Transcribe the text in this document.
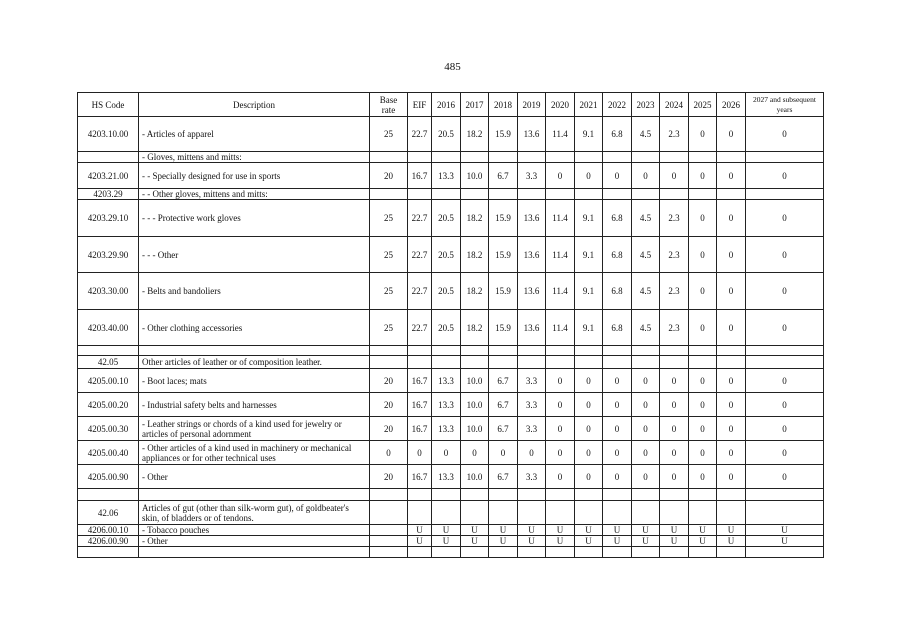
485
HS Code	Description	Base rate	EIF	2016	2017	2018	2019	2020	2021	2022	2023	2024	2025	2026	2027 and subsequent years
4203.10.00	- Articles of apparel	25	22.7	20.5	18.2	15.9	13.6	11.4	9.1	6.8	4.5	2.3	0	0	0
	- Gloves, mittens and mitts:														
4203.21.00	- - Specially designed for use in sports	20	16.7	13.3	10.0	6.7	3.3	0	0	0	0	0	0	0	0
4203.29	- - Other gloves, mittens and mitts:														
4203.29.10	- - - Protective work gloves	25	22.7	20.5	18.2	15.9	13.6	11.4	9.1	6.8	4.5	2.3	0	0	0
4203.29.90	- - - Other	25	22.7	20.5	18.2	15.9	13.6	11.4	9.1	6.8	4.5	2.3	0	0	0
4203.30.00	- Belts and bandoliers	25	22.7	20.5	18.2	15.9	13.6	11.4	9.1	6.8	4.5	2.3	0	0	0
4203.40.00	- Other clothing accessories	25	22.7	20.5	18.2	15.9	13.6	11.4	9.1	6.8	4.5	2.3	0	0	0

42.05	Other articles of leather or of composition leather.														
4205.00.10	- Boot laces; mats	20	16.7	13.3	10.0	6.7	3.3	0	0	0	0	0	0	0	0
4205.00.20	- Industrial safety belts and harnesses	20	16.7	13.3	10.0	6.7	3.3	0	0	0	0	0	0	0	0
4205.00.30	- Leather strings or chords of a kind used for jewelry or articles of personal adornment	20	16.7	13.3	10.0	6.7	3.3	0	0	0	0	0	0	0	0
4205.00.40	- Other articles of a kind used in machinery or mechanical appliances or for other technical uses	0	0	0	0	0	0	0	0	0	0	0	0	0	0
4205.00.90	- Other	20	16.7	13.3	10.0	6.7	3.3	0	0	0	0	0	0	0	0

42.06	Articles of gut (other than silk-worm gut), of goldbeater's skin, of bladders or of tendons.														
4206.00.10	- Tobacco pouches		U	U	U	U	U	U	U	U	U	U	U	U	U
4206.00.90	- Other		U	U	U	U	U	U	U	U	U	U	U	U	U
